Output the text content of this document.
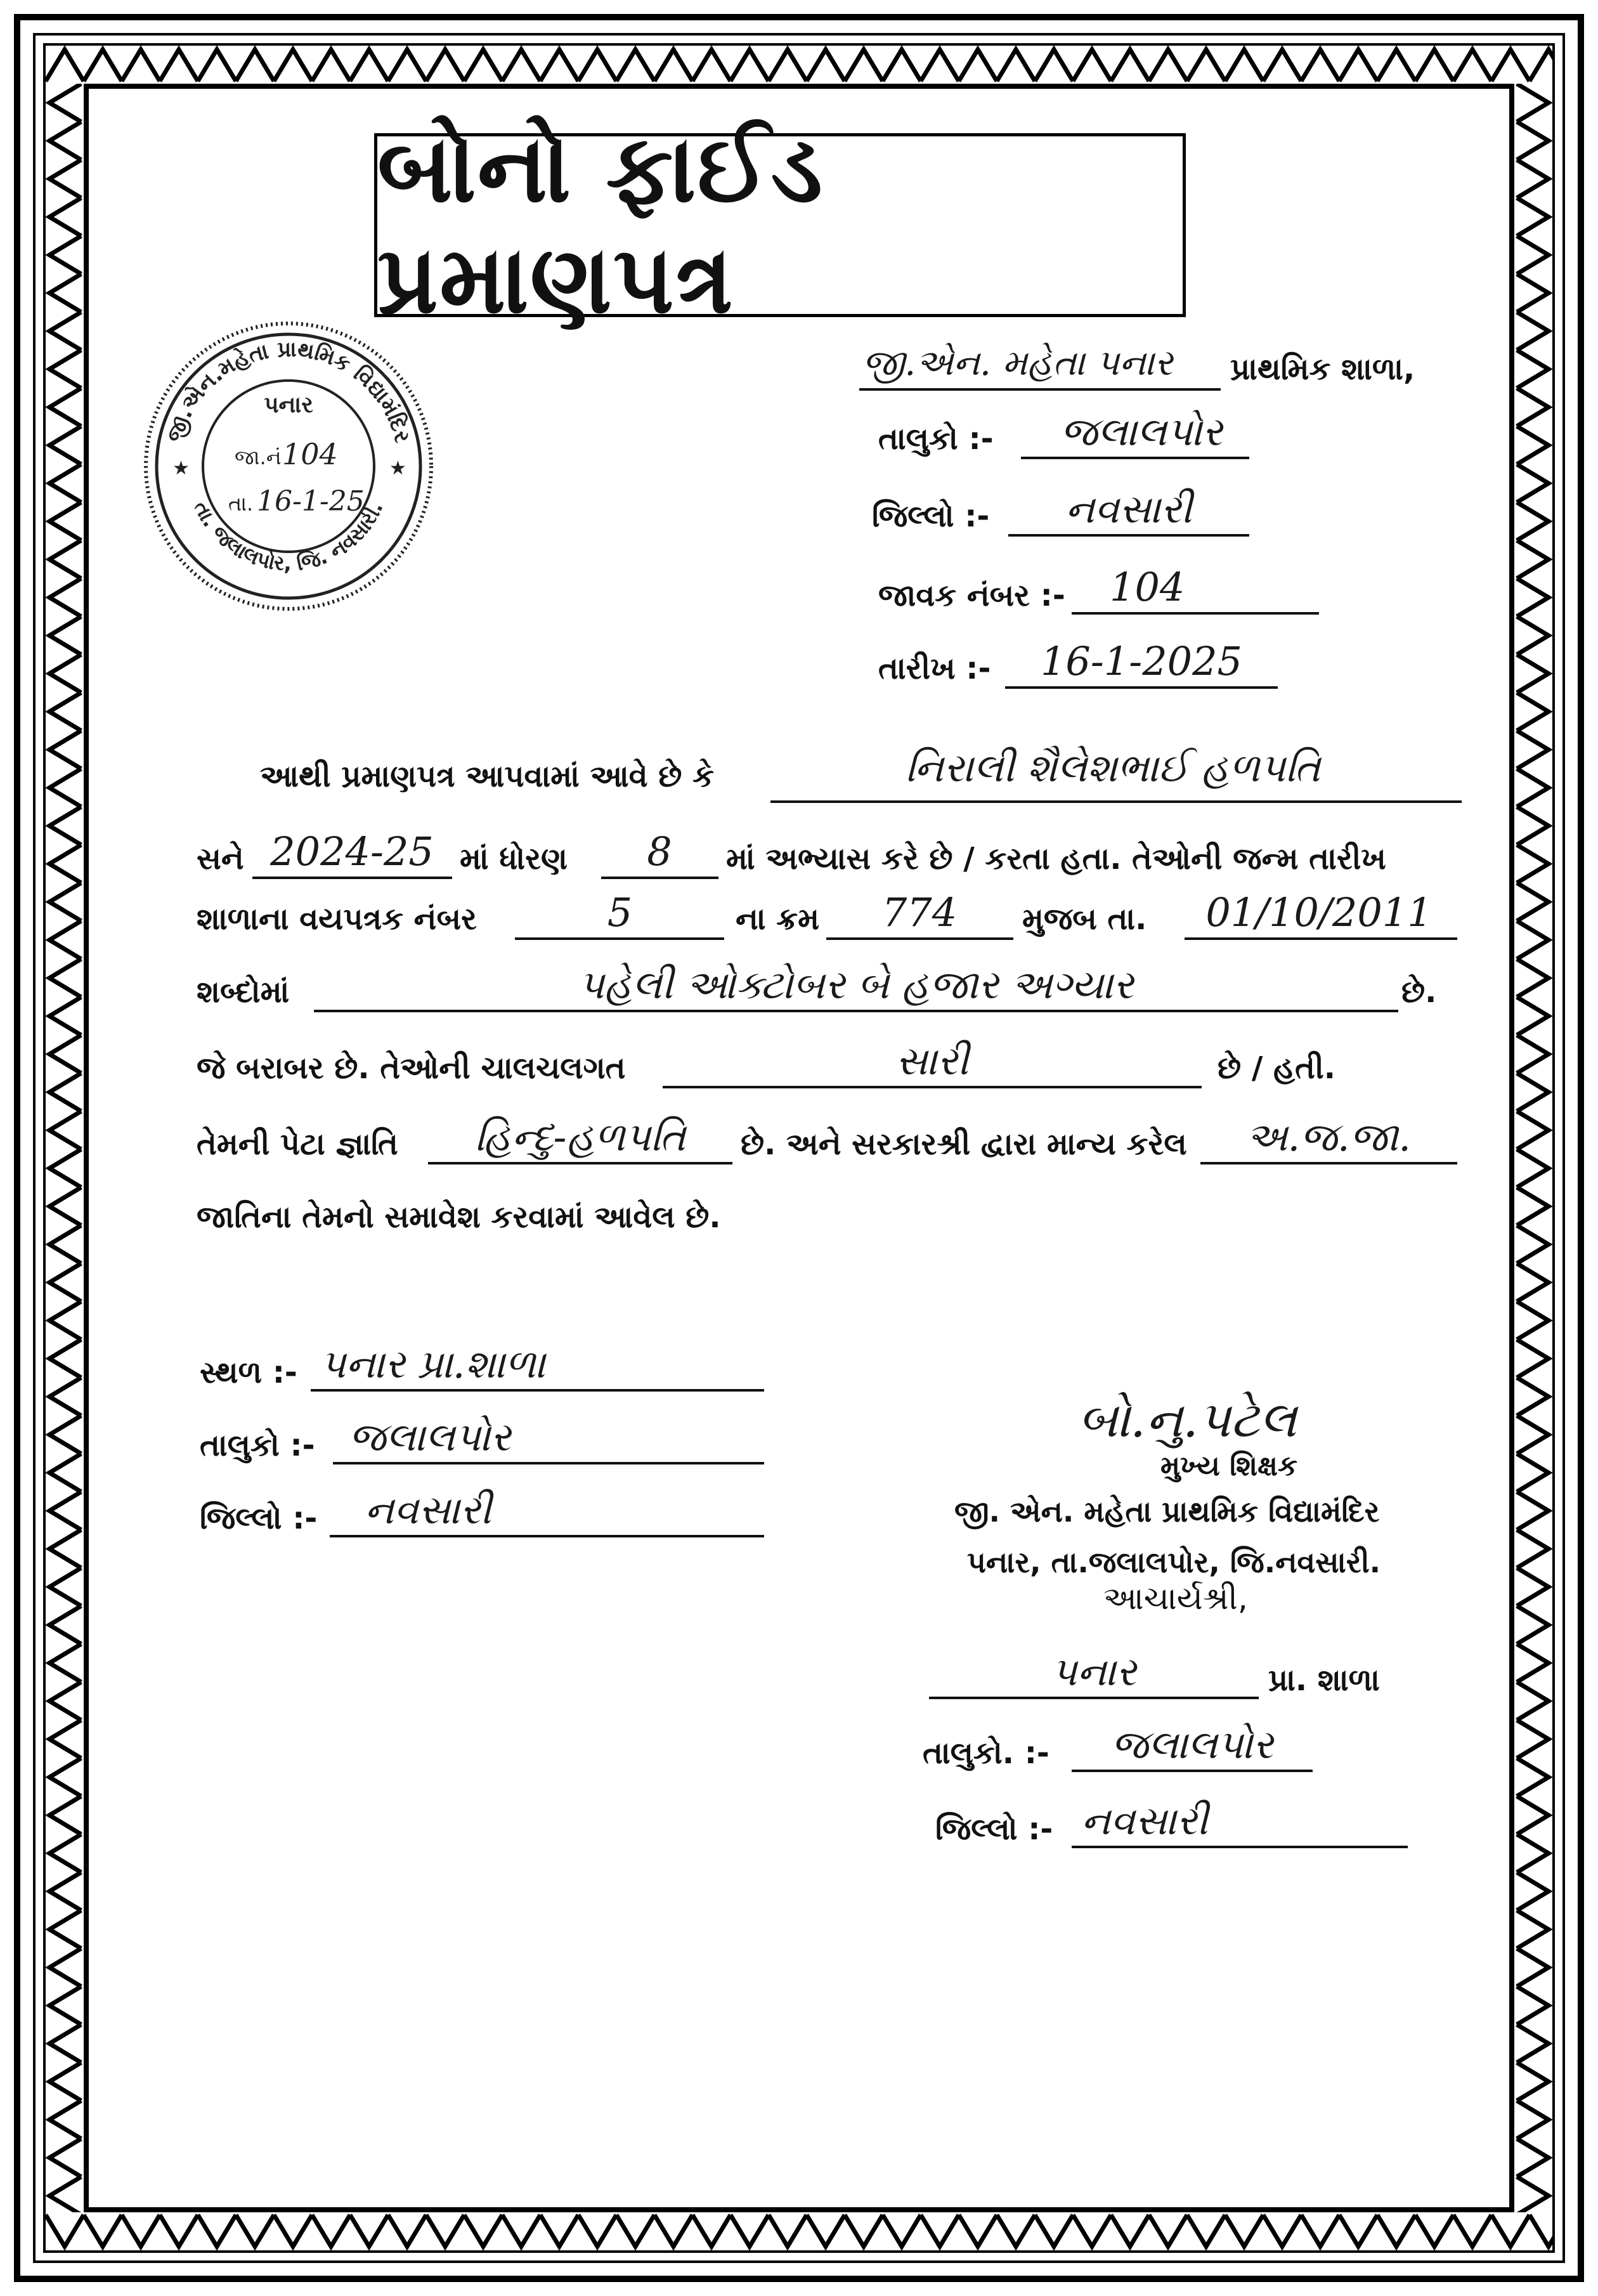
બોનો ફાઈડ પ્રમાણપત્ર
જી.એન.મહેતા પ્રાથમિક વિદ્યામંદિર
તા. જલાલપોર, જિ. નવસારી.
★	★
પનાર
જા.નં 104
તા. 16-1-25
જી.એન. મહેતા પનાર પ્રાથમિક શાળા,
તાલુકો :-	જલાલપોર
જિલ્લો :-	નવસારી
જાવક નંબર :-	104
તારીખ :-	16-1-2025
આથી પ્રમાણપત્ર આપવામાં આવે છે કે	નિરાલી શૈલેશભાઈ હળપતિ
સને 2024-25 માં ધોરણ	8	માં અભ્યાસ કરે છે / કરતા હતા. તેઓની જન્મ તારીખ
શાળાના વયપત્રક નંબર	5	ના ક્રમ	774	મુજબ તા.	01/10/2011
શબ્દોમાં	પહેલી ઓક્ટોબર બે હજાર અગ્યાર	છે.
જે બરાબર છે. તેઓની ચાલચલગત	સારી	છે / હતી.
તેમની પેટા જ્ઞાતિ	હિન્દુ-હળપતિ	છે. અને સરકારશ્રી દ્વારા માન્ય કરેલ	અ.જ.જા.
જાતિના તેમનો સમાવેશ કરવામાં આવેલ છે.
સ્થળ :- પનાર પ્રા.શાળા
તાલુકો :- જલાલપોર
જિલ્લો :-	નવસારી
બો.નુ.પટેલ
મુખ્ય શિક્ષક
જી. એન. મહેતા પ્રાથમિક વિદ્યામંદિર
પનાર, તા.જલાલપોર, જિ.નવસારી.
આચાર્યશ્રી,
પનાર	પ્રા. શાળા
તાલુકો. :-	જલાલપોર
જિલ્લો :- નવસારી
